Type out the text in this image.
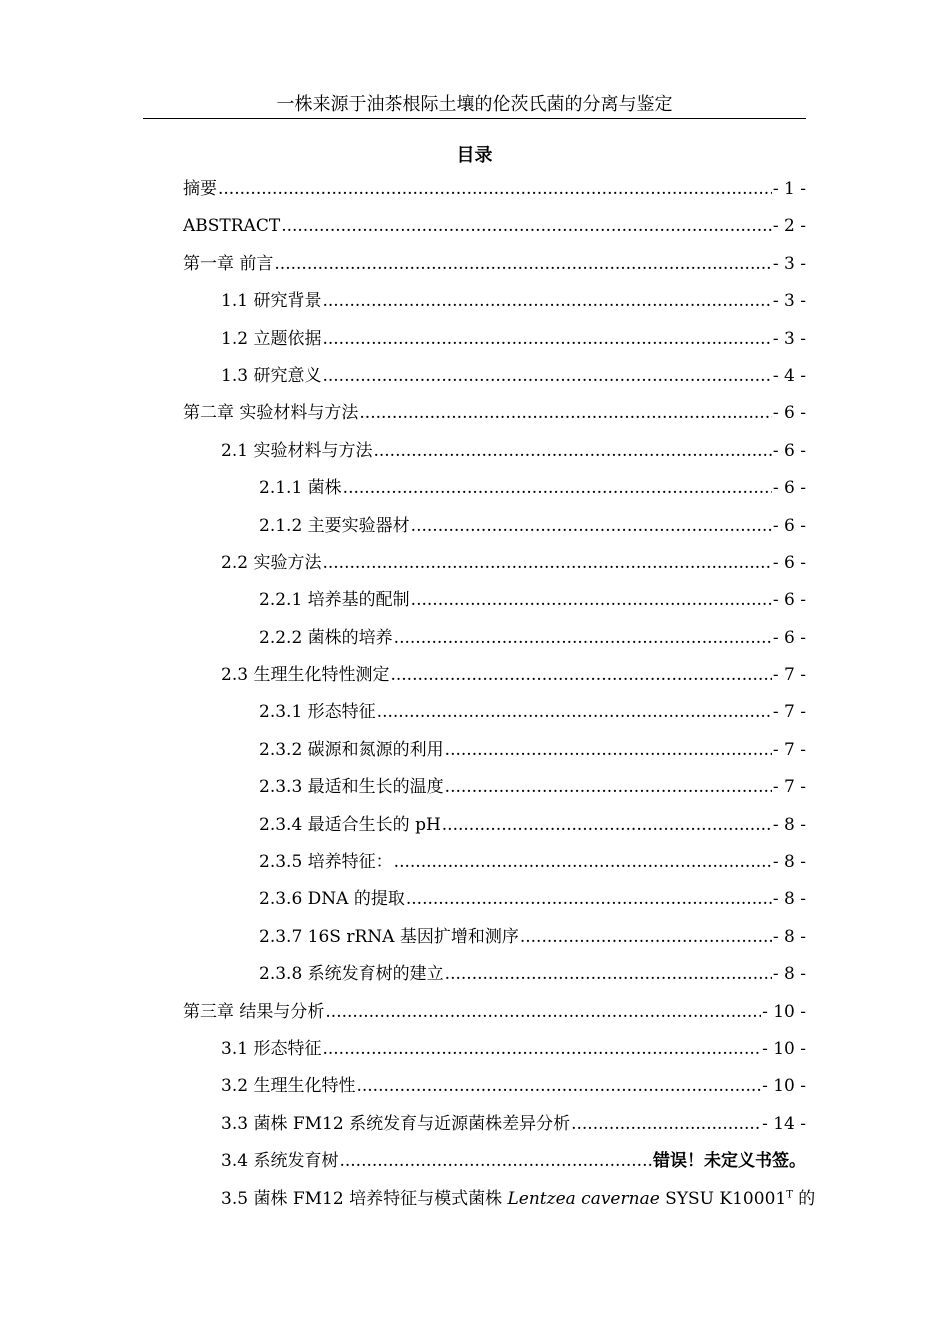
一株来源于油茶根际土壤的伦茨氏菌的分离与鉴定
目录
摘要 .....	- 1 -
ABSTRACT .....	- 2 -
第一章 前言 .....	- 3 -
1.1 研究背景 .....	- 3 -
1.2 立题依据 .....	- 3 -
1.3 研究意义 .....	- 4 -
第二章 实验材料与方法 .....	- 6 -
2.1 实验材料与方法 .....	- 6 -
2.1.1 菌株 .....	- 6 -
2.1.2 主要实验器材 .....	- 6 -
2.2 实验方法 .....	- 6 -
2.2.1 培养基的配制 .....	- 6 -
2.2.2 菌株的培养 .....	- 6 -
2.3 生理生化特性测定 .....	- 7 -
2.3.1 形态特征 .....	- 7 -
2.3.2 碳源和氮源的利用 .....	- 7 -
2.3.3 最适和生长的温度 .....	- 7 -
2.3.4 最适合生长的 pH .....	- 8 -
2.3.5 培养特征： .....	- 8 -
2.3.6 DNA 的提取 .....	- 8 -
2.3.7 16S rRNA 基因扩增和测序 .....	- 8 -
2.3.8 系统发育树的建立 .....	- 8 -
第三章 结果与分析 .....	- 10 -
3.1 形态特征 .....	- 10 -
3.2 生理生化特性 .....	- 10 -
3.3 菌株 FM12 系统发育与近源菌株差异分析 .....	- 14 -
3.4 系统发育树 .....	错误！未定义书签。
3.5 菌株 FM12 培养特征与模式菌株 Lentzea cavernae SYSU $K10001^T$ 的
